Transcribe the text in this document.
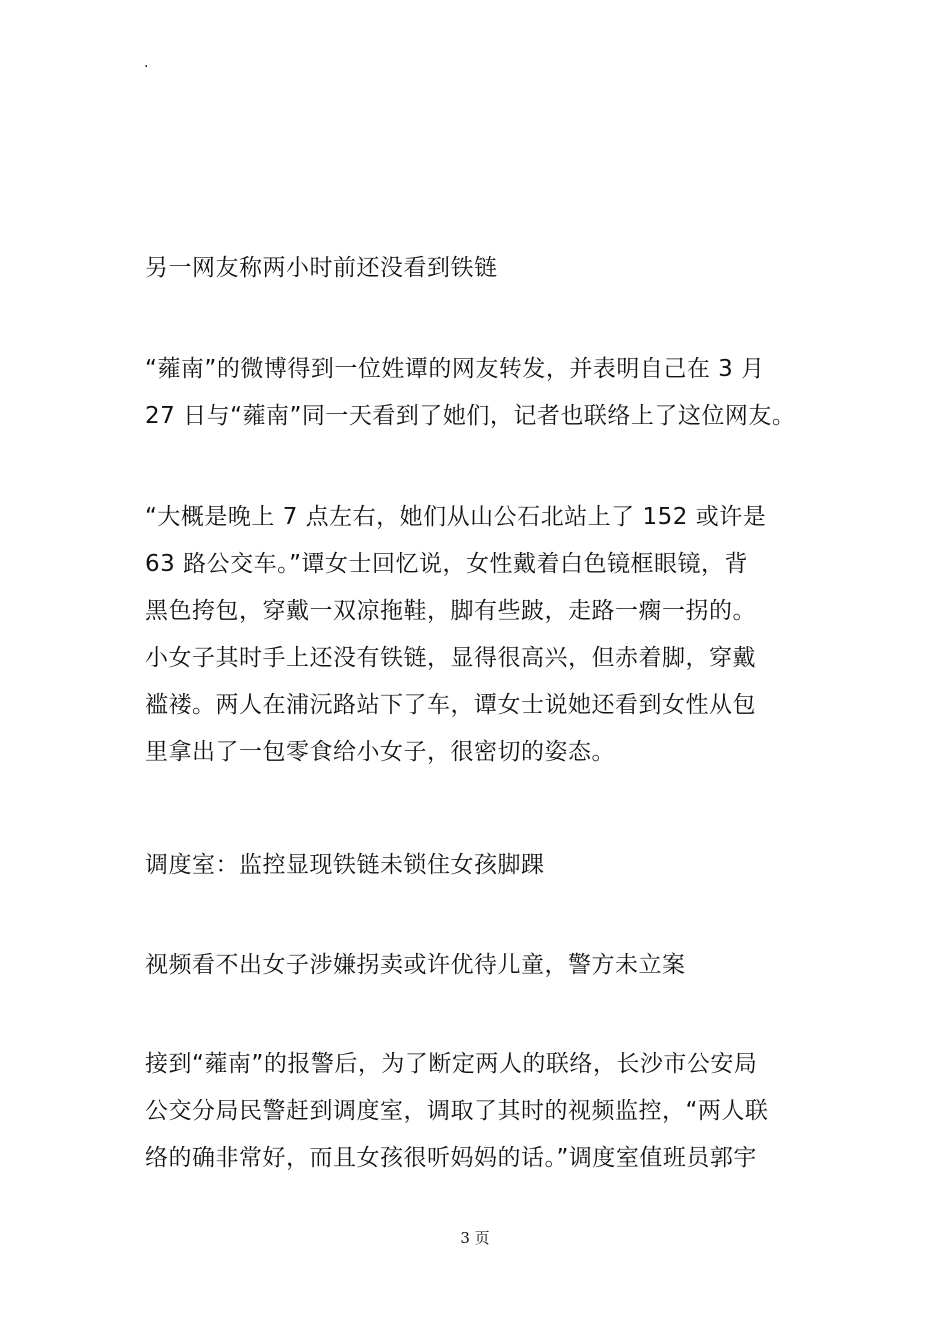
.
另一网友称两小时前还没看到铁链
“蕹南”的微博得到一位姓谭的网友转发，并表明自己在 3 月
27 日与“蕹南”同一天看到了她们，记者也联络上了这位网友。
“大概是晚上 7 点左右，她们从山公石北站上了 152 或许是
63 路公交车。”谭女士回忆说，女性戴着白色镜框眼镜，背
黑色挎包，穿戴一双凉拖鞋，脚有些跛，走路一瘸一拐的。
小女子其时手上还没有铁链，显得很高兴，但赤着脚，穿戴
褴褛。两人在浦沅路站下了车，谭女士说她还看到女性从包
里拿出了一包零食给小女子，很密切的姿态。
调度室：监控显现铁链未锁住女孩脚踝
视频看不出女子涉嫌拐卖或许优待儿童，警方未立案
接到“蕹南”的报警后，为了断定两人的联络，长沙市公安局
公交分局民警赶到调度室，调取了其时的视频监控，“两人联
络的确非常好，而且女孩很听妈妈的话。”调度室值班员郭宇
3 页
